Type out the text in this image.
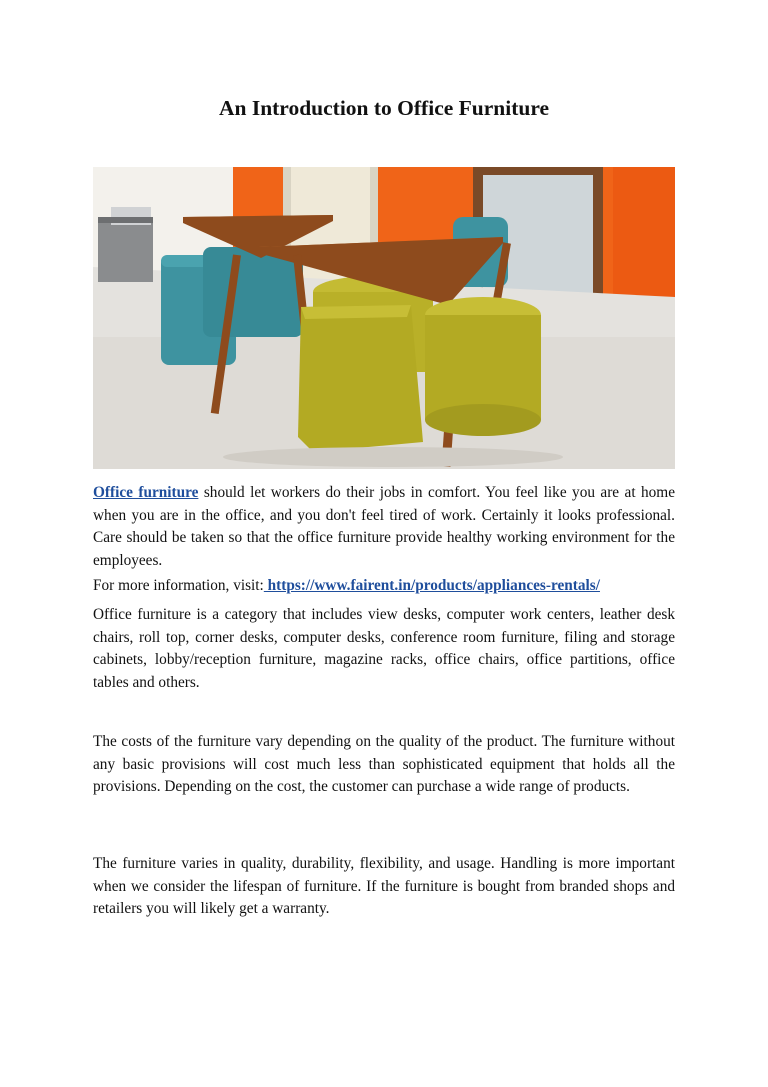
An Introduction to Office Furniture

Office furniture should let workers do their jobs in comfort. You feel like you are at home when you are in the office, and you don't feel tired of work. Certainly it looks professional. Care should be taken so that the office furniture provide healthy working environment for the employees.

For more information, visit: https://www.fairent.in/products/appliances-rentals/

Office furniture is a category that includes view desks, computer work centers, leather desk chairs, roll top, corner desks, computer desks, conference room furniture, filing and storage cabinets, lobby/reception furniture, magazine racks, office chairs, office partitions, office tables and others.

The costs of the furniture vary depending on the quality of the product. The furniture without any basic provisions will cost much less than sophisticated equipment that holds all the provisions. Depending on the cost, the customer can purchase a wide range of products.

The furniture varies in quality, durability, flexibility, and usage. Handling is more important when we consider the lifespan of furniture. If the furniture is bought from branded shops and retailers you will likely get a warranty.
